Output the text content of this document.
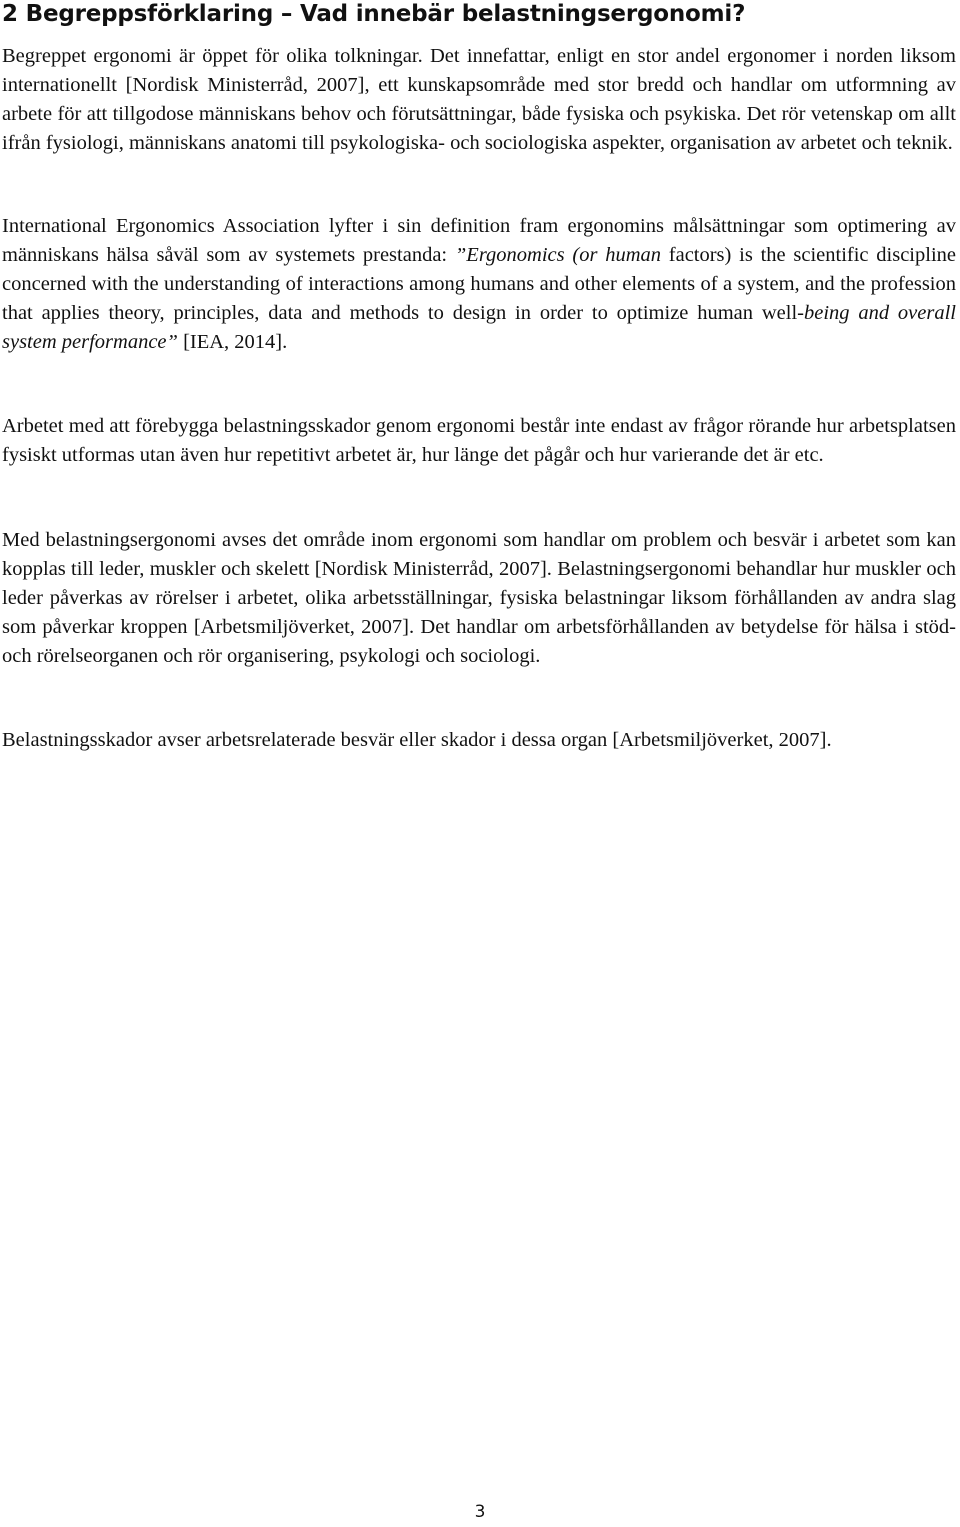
2 Begreppsförklaring – Vad innebär belastningsergonomi?

Begreppet ergonomi är öppet för olika tolkningar. Det innefattar, enligt en stor andel ergonomer i norden liksom internationellt [Nordisk Ministerråd, 2007], ett kunskapsområde med stor bredd och handlar om utformning av arbete för att tillgodose människans behov och förutsättningar, både fysiska och psykiska. Det rör vetenskap om allt ifrån fysiologi, människans anatomi till psykologiska- och sociologiska aspekter, organisation av arbetet och teknik.

International Ergonomics Association lyfter i sin definition fram ergonomins målsättningar som optimering av människans hälsa såväl som av systemets prestanda: ”Ergonomics (or human factors) is the scientific discipline concerned with the understanding of interactions among humans and other elements of a system, and the profession that applies theory, principles, data and methods to design in order to optimize human well-being and overall system performance” [IEA, 2014].

Arbetet med att förebygga belastningsskador genom ergonomi består inte endast av frågor rörande hur arbetsplatsen fysiskt utformas utan även hur repetitivt arbetet är, hur länge det pågår och hur varierande det är etc.

Med belastningsergonomi avses det område inom ergonomi som handlar om problem och besvär i arbetet som kan kopplas till leder, muskler och skelett [Nordisk Ministerråd, 2007]. Belastningsergonomi behandlar hur muskler och leder påverkas av rörelser i arbetet, olika arbetsställningar, fysiska belastningar liksom förhållanden av andra slag som påverkar kroppen [Arbetsmiljöverket, 2007]. Det handlar om arbetsförhållanden av betydelse för hälsa i stöd- och rörelseorganen och rör organisering, psykologi och sociologi.

Belastningsskador avser arbetsrelaterade besvär eller skador i dessa organ [Arbetsmiljöverket, 2007].

3
